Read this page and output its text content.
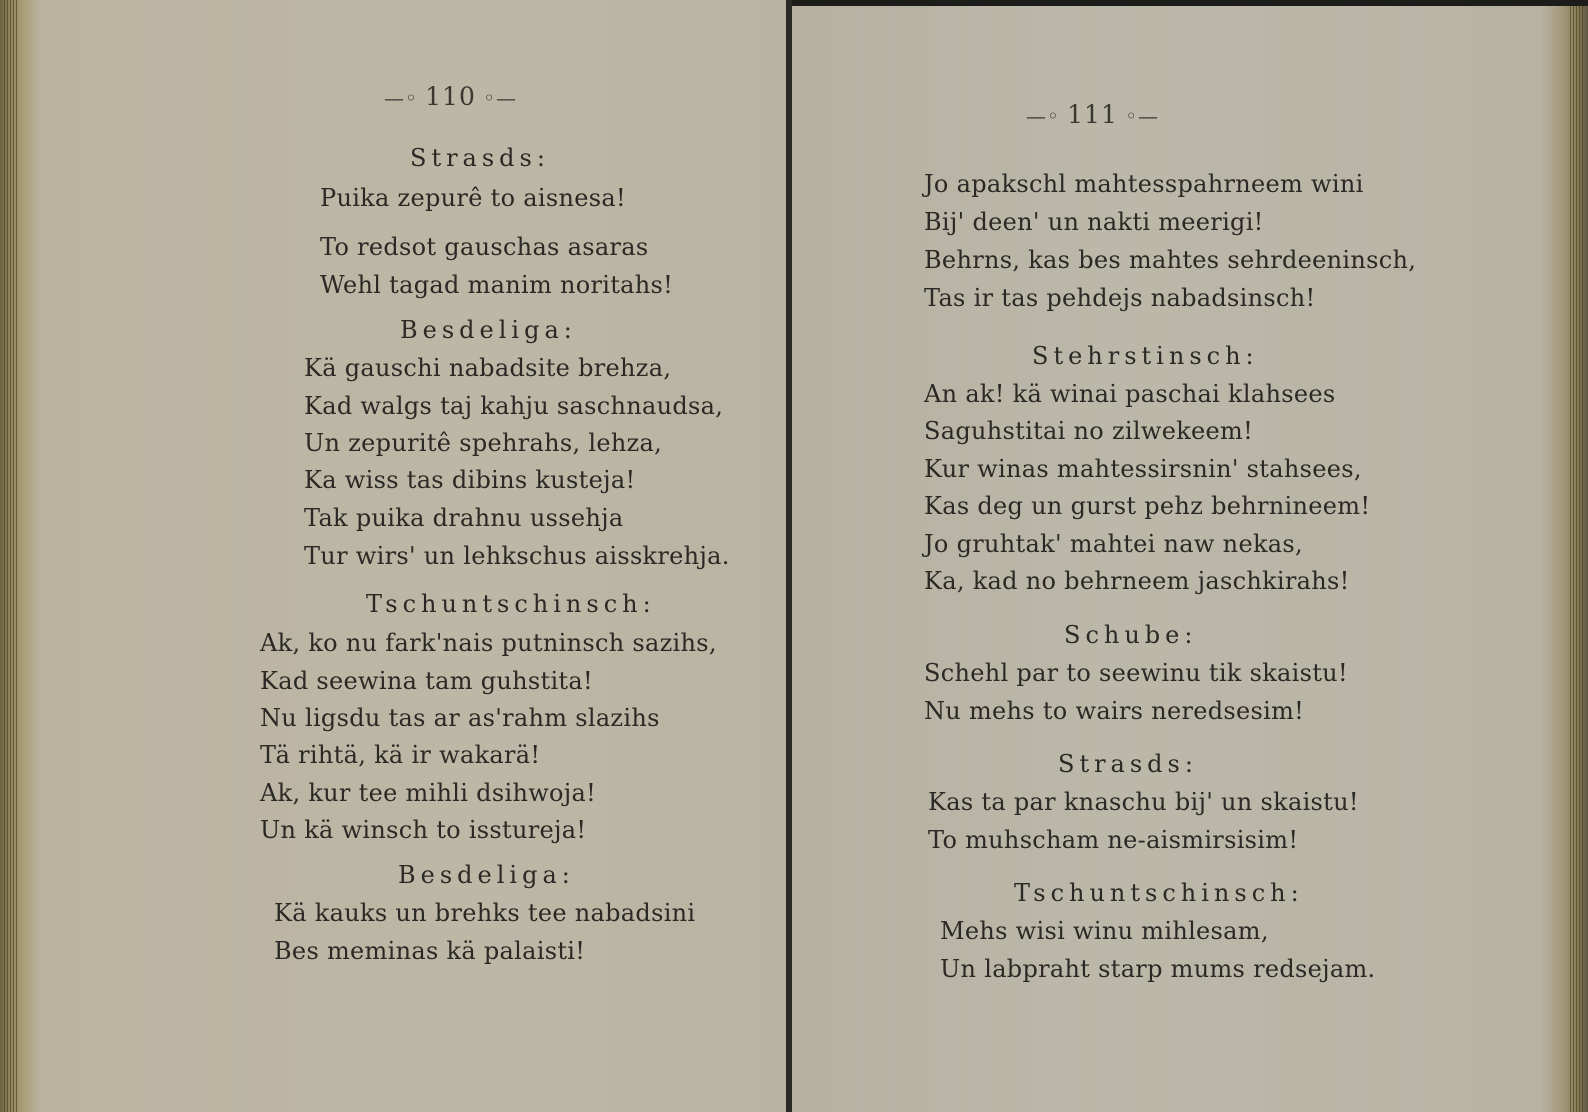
—◦ 110 ◦—
Strasds:
Puika zepurê to aisnesa!
To redsot gauschas asaras
Wehl tagad manim noritahs!
Besdeliga:
Kä gauschi nabadsite brehza,
Kad walgs taj kahju saschnaudsa,
Un zepuritê spehrahs, lehza,
Ka wiss tas dibins kusteja!
Tak puika drahnu ussehja
Tur wirs' un lehkschus aisskrehja.
Tschuntschinsch:
Ak, ko nu fark'nais putninsch sazihs,
Kad seewina tam guhstita!
Nu ligsdu tas ar as'rahm slazihs
Tä rihtä, kä ir wakarä!
Ak, kur tee mihli dsihwoja!
Un kä winsch to isstureja!
Besdeliga:
Kä kauks un brehks tee nabadsini
Bes meminas kä palaisti!
—◦ 111 ◦—
Jo apakschl mahtesspahrneem wini
Bij' deen' un nakti meerigi!
Behrns, kas bes mahtes sehrdeeninsch,
Tas ir tas pehdejs nabadsinsch!
Stehrstinsch:
An ak! kä winai paschai klahsees
Saguhstitai no zilwekeem!
Kur winas mahtessirsnin' stahsees,
Kas deg un gurst pehz behrnineem!
Jo gruhtak' mahtei naw nekas,
Ka, kad no behrneem jaschkirahs!
Schube:
Schehl par to seewinu tik skaistu!
Nu mehs to wairs neredsesim!
Strasds:
Kas ta par knaschu bij' un skaistu!
To muhscham ne-aismirsisim!
Tschuntschinsch:
Mehs wisi winu mihlesam,
Un labpraht starp mums redsejam.
